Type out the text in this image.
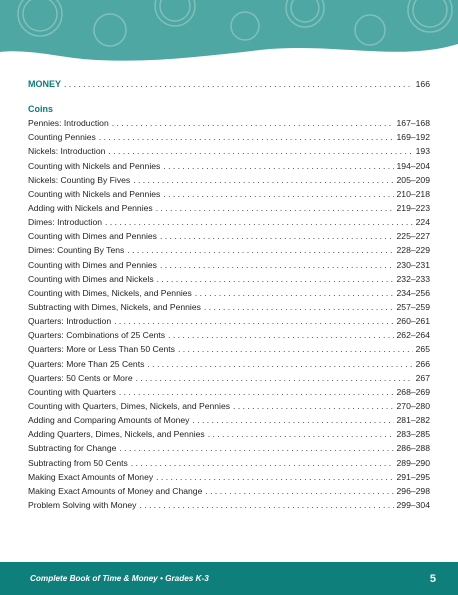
MONEY . . .	166
Coins
Pennies: Introduction . . .	167–168
Counting Pennies . . .	169–192
Nickels: Introduction . . .	193
Counting with Nickels and Pennies . . .	194–204
Nickels: Counting By Fives . . .	205–209
Counting with Nickels and Pennies . . .	210–218
Adding with Nickels and Pennies . . .	219–223
Dimes: Introduction . . .	224
Counting with Dimes and Pennies . . .	225–227
Dimes: Counting By Tens . . .	228–229
Counting with Dimes and Pennies . . .	230–231
Counting with Dimes and Nickels . . .	232–233
Counting with Dimes, Nickels, and Pennies . . .	234–256
Subtracting with Dimes, Nickels, and Pennies . . .	257–259
Quarters: Introduction . . .	260–261
Quarters: Combinations of 25 Cents . . .	262–264
Quarters: More or Less Than 50 Cents . . .	265
Quarters: More Than 25 Cents . . .	266
Quarters: 50 Cents or More . . .	267
Counting with Quarters . . .	268–269
Counting with Quarters, Dimes, Nickels, and Pennies . . .	270–280
Adding and Comparing Amounts of Money . . .	281–282
Adding Quarters, Dimes, Nickels, and Pennies . . .	283–285
Subtracting for Change . . .	286–288
Subtracting from 50 Cents . . .	289–290
Making Exact Amounts of Money . . .	291–295
Making Exact Amounts of Money and Change . . .	296–298
Problem Solving with Money . . .	299–304
Complete Book of Time & Money • Grades K-3	5
